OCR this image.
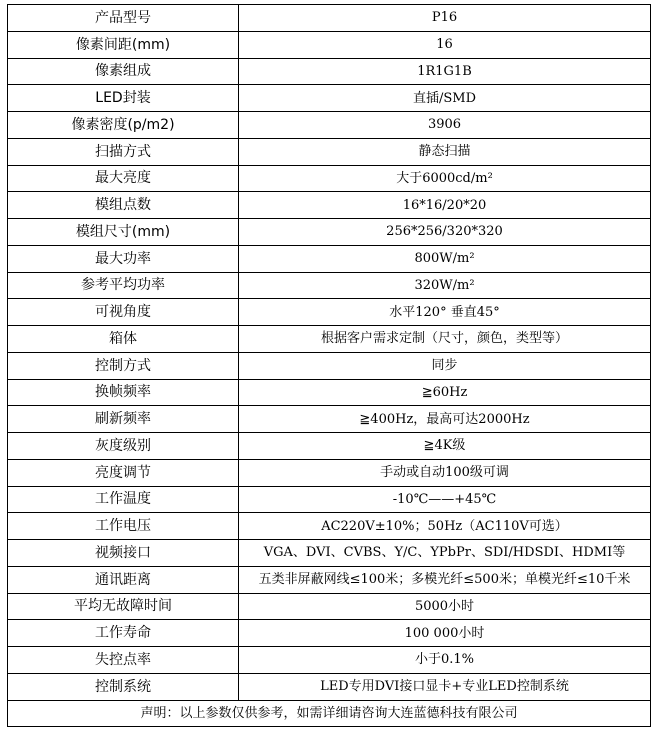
产品型号	P16
像素间距(mm)	16
像素组成	1R1G1B
LED封装	直插/SMD
像素密度(p/m2)	3906
扫描方式	静态扫描
最大亮度	大于6000cd/m²
模组点数	16*16/20*20
模组尺寸(mm)	256*256/320*320
最大功率	800W/m²
参考平均功率	320W/m²
可视角度	水平120° 垂直45°
箱体	根据客户需求定制（尺寸，颜色，类型等）
控制方式	同步
换帧频率	≧60Hz
刷新频率	≧400Hz，最高可达2000Hz
灰度级别	≧4K级
亮度调节	手动或自动100级可调
工作温度	-10℃——+45℃
工作电压	AC220V±10%；50Hz（AC110V可选）
视频接口	VGA、DVI、CVBS、Y/C、YPbPr、SDI/HDSDI、HDMI等
通讯距离	五类非屏蔽网线≤100米；多模光纤≤500米；单模光纤≤10千米
平均无故障时间	5000小时
工作寿命	100 000小时
失控点率	小于0.1%
控制系统	LED专用DVI接口显卡+专业LED控制系统
声明：以上参数仅供参考，如需详细请咨询大连蓝德科技有限公司	
